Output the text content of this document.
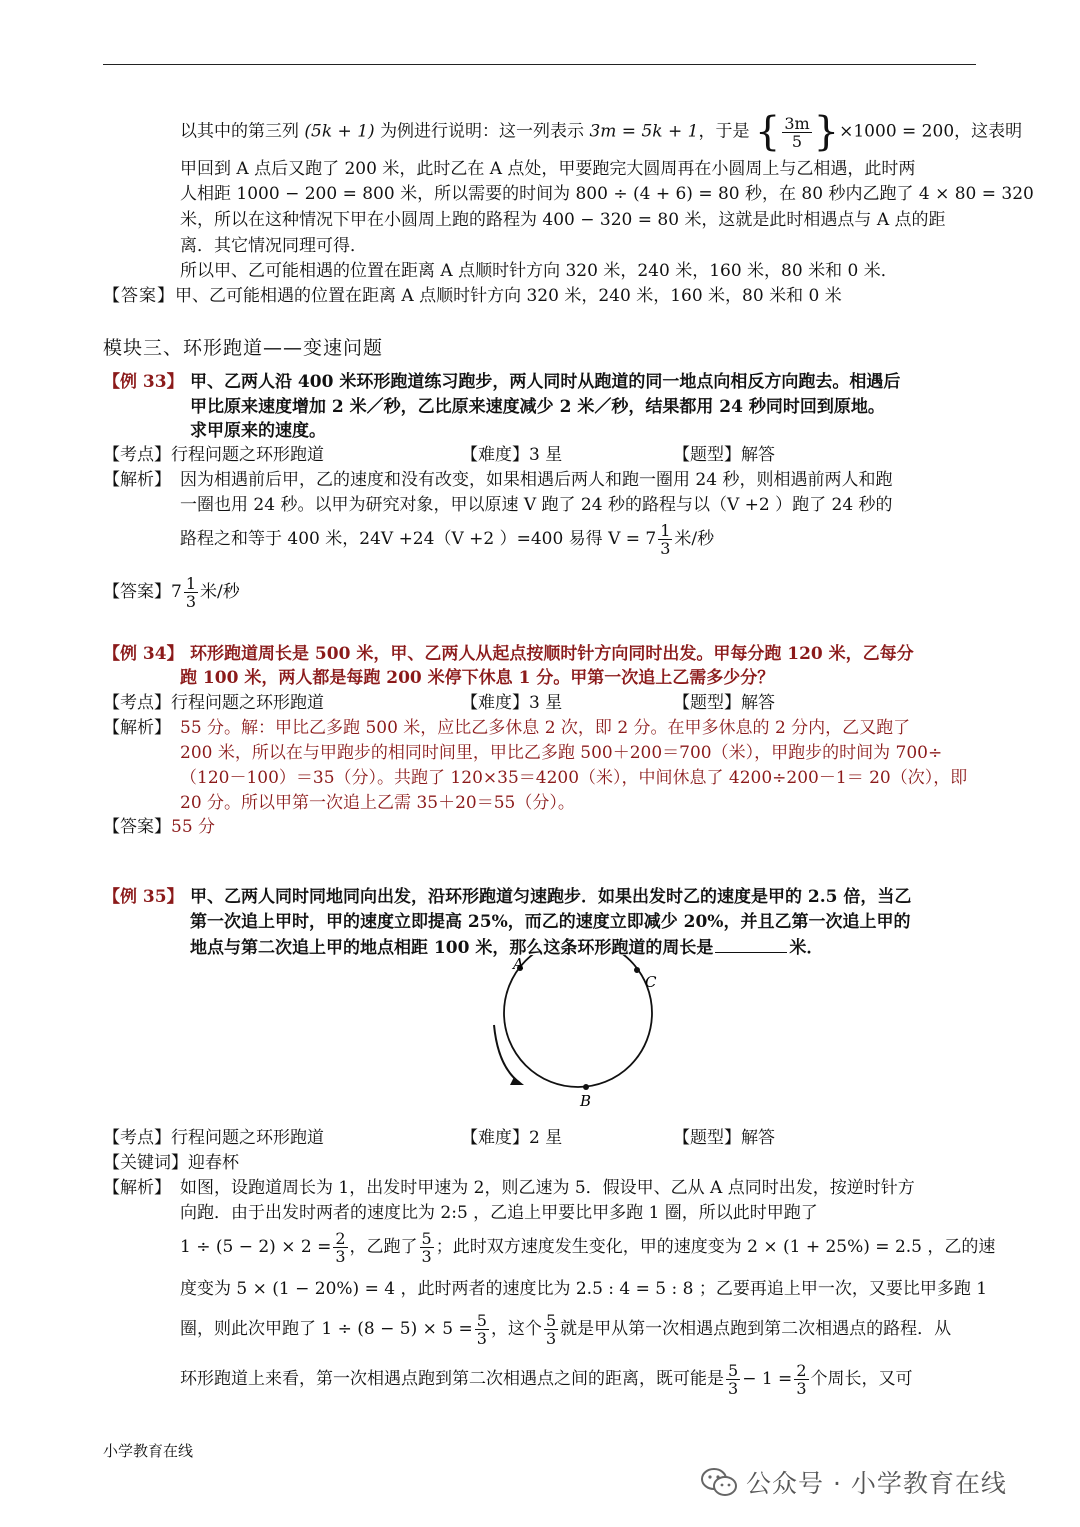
以其中的第三列 (5k + 1) 为例进行说明：这一列表示 3m = 5k + 1，于是 { $\frac{3m}{5} \}\times 1000 = 200$，这表明
甲回到 A 点后又跑了 200 米，此时乙在 A 点处，甲要跑完大圆周再在小圆周上与乙相遇，此时两
人相距 1000 − 200 = 800 米，所以需要的时间为 800 ÷ (4 + 6) = 80 秒，在 80 秒内乙跑了 4 × 80 = 320
米，所以在这种情况下甲在小圆周上跑的路程为 400 − 320 = 80 米，这就是此时相遇点与 A 点的距
离．其它情况同理可得．
所以甲、乙可能相遇的位置在距离 A 点顺时针方向 320 米，240 米，160 米，80 米和 0 米．
【答案】甲、乙可能相遇的位置在距离 A 点顺时针方向 320 米，240 米，160 米，80 米和 0 米
模块三、环形跑道——变速问题
【例 33】 甲、乙两人沿 400 米环形跑道练习跑步，两人同时从跑道的同一地点向相反方向跑去。相遇后
甲比原来速度增加 2 米／秒，乙比原来速度减少 2 米／秒，结果都用 24 秒同时回到原地。
求甲原来的速度。
【考点】行程问题之环形跑道	【难度】3 星	【题型】解答
【解析】 因为相遇前后甲，乙的速度和没有改变，如果相遇后两人和跑一圈用 24 秒，则相遇前两人和跑
一圈也用 24 秒。以甲为研究对象，甲以原速 V 跑了 24 秒的路程与以（V +2 ）跑了 24 秒的
路程之和等于 400 米，24V +24（V +2 ）=400 易得 $V = 7 \frac{1}{3}$ 米/秒
【答案】$7 \frac{1}{3}$ 米/秒
【例 34】 环形跑道周长是 500 米，甲、乙两人从起点按顺时针方向同时出发。甲每分跑 120 米，乙每分
跑 100 米，两人都是每跑 200 米停下休息 1 分。甲第一次追上乙需多少分？
【考点】行程问题之环形跑道	【难度】3 星	【题型】解答
【解析】 55 分。解：甲比乙多跑 500 米，应比乙多休息 2 次，即 2 分。在甲多休息的 2 分内，乙又跑了
200 米，所以在与甲跑步的相同时间里，甲比乙多跑 500＋200＝700（米），甲跑步的时间为 700÷
（120－100）＝35（分）。共跑了 120×35＝4200（米），中间休息了 4200÷200－1＝ 20（次），即
20 分。所以甲第一次追上乙需 35＋20＝55（分）。
【答案】55 分
【例 35】 甲、乙两人同时同地同向出发，沿环形跑道匀速跑步．如果出发时乙的速度是甲的 2.5 倍，当乙
第一次追上甲时，甲的速度立即提高 25%，而乙的速度立即减少 20%，并且乙第一次追上甲的
地点与第二次追上甲的地点相距 100 米，那么这条环形跑道的周长是	米．
A
C
B
【考点】行程问题之环形跑道	【难度】2 星	【题型】解答
【关键词】迎春杯
【解析】 如图，设跑道周长为 1，出发时甲速为 2，则乙速为 5．假设甲、乙从 A 点同时出发，按逆时针方
向跑．由于出发时两者的速度比为 2:5 ，乙追上甲要比甲多跑 1 圈，所以此时甲跑了
$1 \div (5 - 2) \times 2 = \frac{2}{3}$ ，乙跑了 $\frac{5}{3}$ ；此时双方速度发生变化，甲的速度变为 2 × (1 + 25%) = 2.5 ，乙的速
度变为 5 × (1 − 20%) = 4 ，此时两者的速度比为 2.5 : 4 = 5 : 8 ；乙要再追上甲一次，又要比甲多跑 1
圈，则此次甲跑了 $1 \div (8 - 5) \times 5 = \frac{5}{3}$ ，这个 $\frac{5}{3}$ 就是甲从第一次相遇点跑到第二次相遇点的路程．从
环形跑道上来看，第一次相遇点跑到第二次相遇点之间的距离，既可能是 $\frac{5}{3} - 1 = \frac{2}{3}$ 个周长，又可
小学教育在线
公众号 · 小学教育在线
